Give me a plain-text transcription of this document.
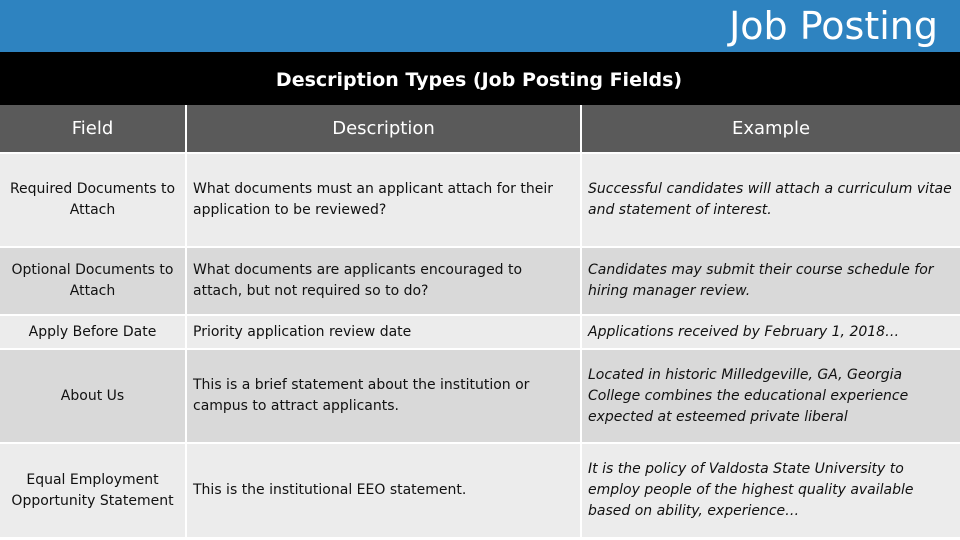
Job Posting
Description Types (Job Posting Fields)
Field	Description	Example
Required Documents to Attach	What documents must an applicant attach for their application to be reviewed?	Successful candidates will attach a curriculum vitae and statement of interest.
Optional Documents to Attach	What documents are applicants encouraged to attach, but not required so to do?	Candidates may submit their course schedule for hiring manager review.
Apply Before Date	Priority application review date	Applications received by February 1, 2018…
About Us	This is a brief statement about the institution or campus to attract applicants.	Located in historic Milledgeville, GA, Georgia College combines the educational experience expected at esteemed private liberal
Equal Employment Opportunity Statement	This is the institutional EEO statement.	It is the policy of Valdosta State University to employ people of the highest quality available based on ability, experience…
